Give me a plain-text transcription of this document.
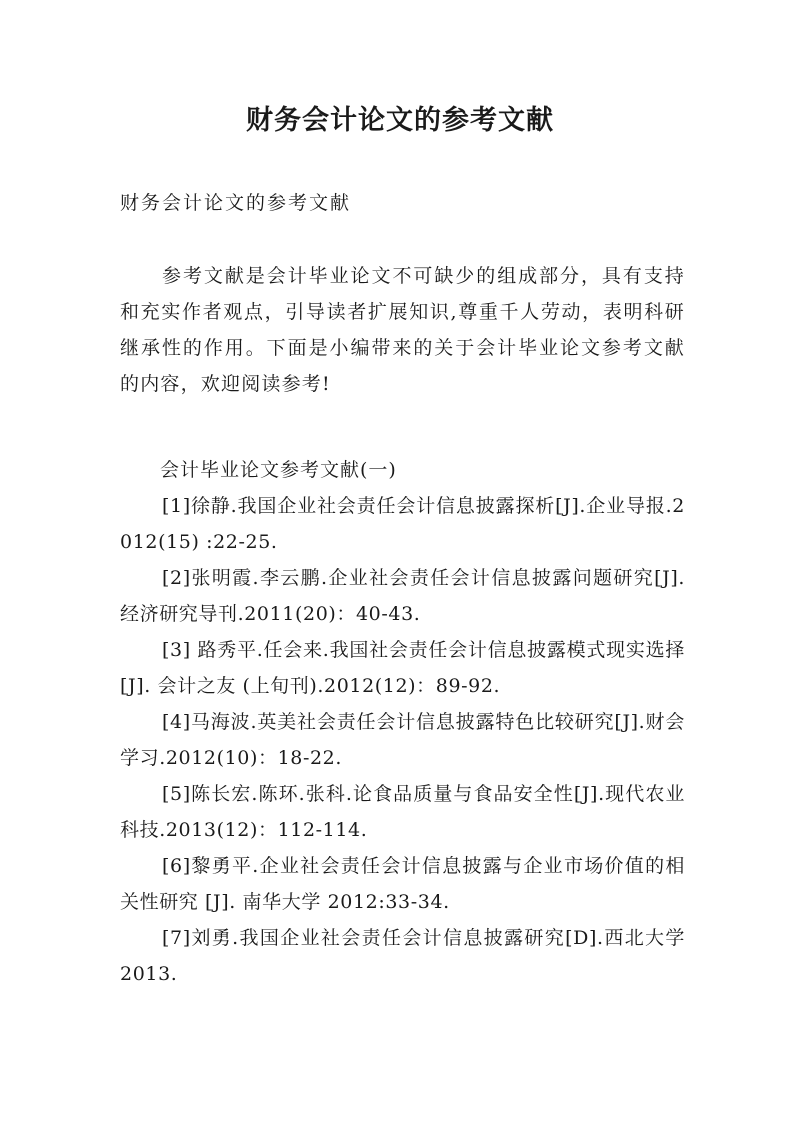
财务会计论文的参考文献

财务会计论文的参考文献

参考文献是会计毕业论文不可缺少的组成部分，具有支持和充实作者观点，引导读者扩展知识,尊重千人劳动，表明科研继承性的作用。下面是小编带来的关于会计毕业论文参考文献的内容，欢迎阅读参考!

会计毕业论文参考文献(一)

[1]徐静.我国企业社会责任会计信息披露探析[J].企业导报.2012(15) :22-25.
[2]张明霞.李云鹏.企业社会责任会计信息披露问题研究[J].经济研究导刊.2011(20)：40-43.
[3] 路秀平.任会来.我国社会责任会计信息披露模式现实选择 [J]. 会计之友 (上旬刊).2012(12)：89-92.
[4]马海波.英美社会责任会计信息披露特色比较研究[J].财会学习.2012(10)：18-22.
[5]陈长宏.陈环.张科.论食品质量与食品安全性[J].现代农业科技.2013(12)：112-114.
[6]黎勇平.企业社会责任会计信息披露与企业市场价值的相关性研究 [J]. 南华大学 2012:33-34.
[7]刘勇.我国企业社会责任会计信息披露研究[D].西北大学 2013.
